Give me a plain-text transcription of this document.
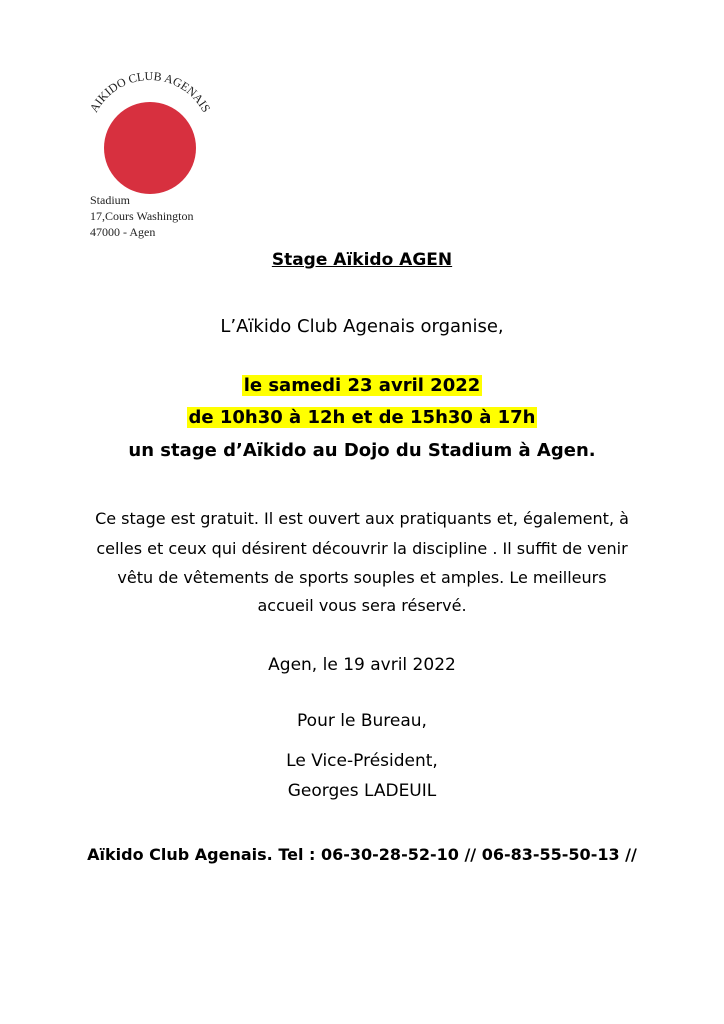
AIKIDO CLUB AGENAIS
Stadium
17,Cours Washington
47000 - Agen
Stage Aïkido AGEN
L’Aïkido Club Agenais organise,
le samedi 23 avril 2022
de 10h30 à 12h et de 15h30 à 17h
un stage d’Aïkido au Dojo du Stadium à Agen.
Ce stage est gratuit. Il est ouvert aux pratiquants et, également, à
celles et ceux qui désirent découvrir la discipline . Il suffit de venir
vêtu de vêtements de sports souples et amples. Le meilleurs
accueil vous sera réservé.
Agen, le 19 avril 2022
Pour le Bureau,
Le Vice-Président,
Georges LADEUIL
Aïkido Club Agenais. Tel : 06-30-28-52-10 // 06-83-55-50-13 //
